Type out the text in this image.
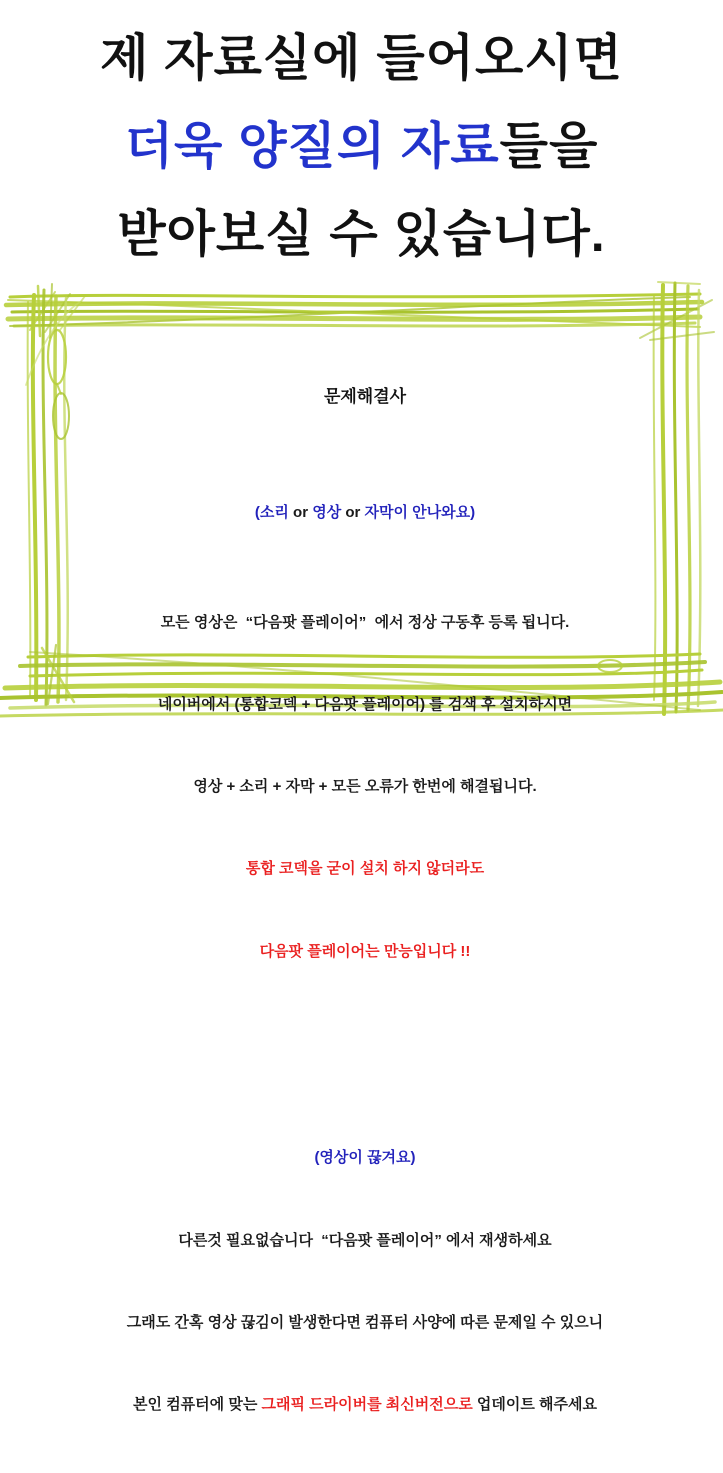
제 자료실에 들어오시면
더욱 양질의 자료 들을
받아보실 수 있습니다.

문제해결사

(소리 or 영상 or 자막이 안나와요)

모든 영상은  “다음팟 플레이어”  에서 정상 구동후 등록 됩니다.

네이버에서 (통합코덱 + 다음팟 플레이어) 를 검색 후 설치하시면

영상 + 소리 + 자막 + 모든 오류가 한번에 해결됩니다.

통합 코덱을 굳이 설치 하지 않더라도

다음팟 플레이어는 만능입니다 !!

(영상이 끊겨요)

다른것 필요없습니다  “다음팟 플레이어” 에서 재생하세요

그래도 간혹 영상 끊김이 발생한다면 컴퓨터 사양에 따른 문제일 수 있으니

본인 컴퓨터에 맞는 그래픽 드라이버를 최신버전으로 업데이트 해주세요
